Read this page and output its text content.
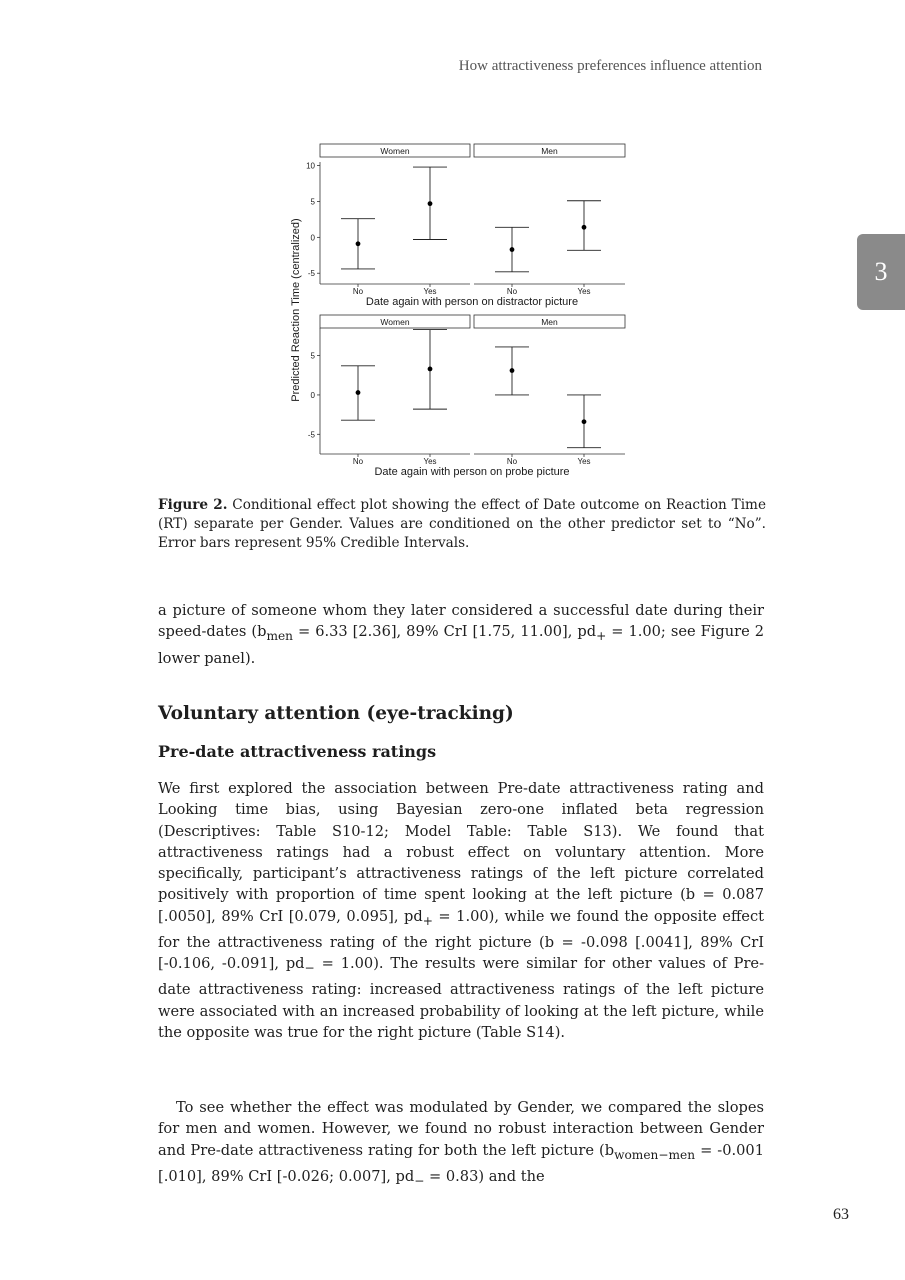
How attractiveness preferences influence attention
3
Predicted Reaction Time (centralized)
10
5
0
-5
Women
No	Yes
Men
No	Yes
Date again with person on distractor picture
5
0
-5
Women
No	Yes
Men
No	Yes
Date again with person on probe picture

Figure 2. Conditional effect plot showing the effect of Date outcome on Reaction Time (RT) separate per Gender. Values are conditioned on the other predictor set to “No”. Error bars represent 95% Credible Intervals.

a picture of someone whom they later considered a successful date during their speed-dates ($b_{men} = 6.33$ [2.36], 89% CrI [1.75, 11.00], $pd_+ = 1.00$; see Figure 2 lower panel).

Voluntary attention (eye-tracking)
Pre-date attractiveness ratings

We first explored the association between Pre-date attractiveness rating and Looking time bias, using Bayesian zero-one inflated beta regression (Descriptives: Table S10-12; Model Table: Table S13). We found that attractiveness ratings had a robust effect on voluntary attention. More specifically, participant’s attractiveness ratings of the left picture correlated positively with proportion of time spent looking at the left picture (b = 0.087 [.0050], 89% CrI [0.079, 0.095], $pd_+ = 1.00$), while we found the opposite effect for the attractiveness rating of the right picture (b = -0.098 [.0041], 89% CrI [-0.106, -0.091], $pd_- = 1.00$). The results were similar for other values of Pre-date attractiveness rating: increased attractiveness ratings of the left picture were associated with an increased probability of looking at the left picture, while the opposite was true for the right picture (Table S14).

To see whether the effect was modulated by Gender, we compared the slopes for men and women. However, we found no robust interaction between Gender and Pre-date attractiveness rating for both the left picture ($b_{women-men} = -0.001$ [.010], 89% CrI [-0.026; 0.007], $pd_- = 0.83$) and the

63
